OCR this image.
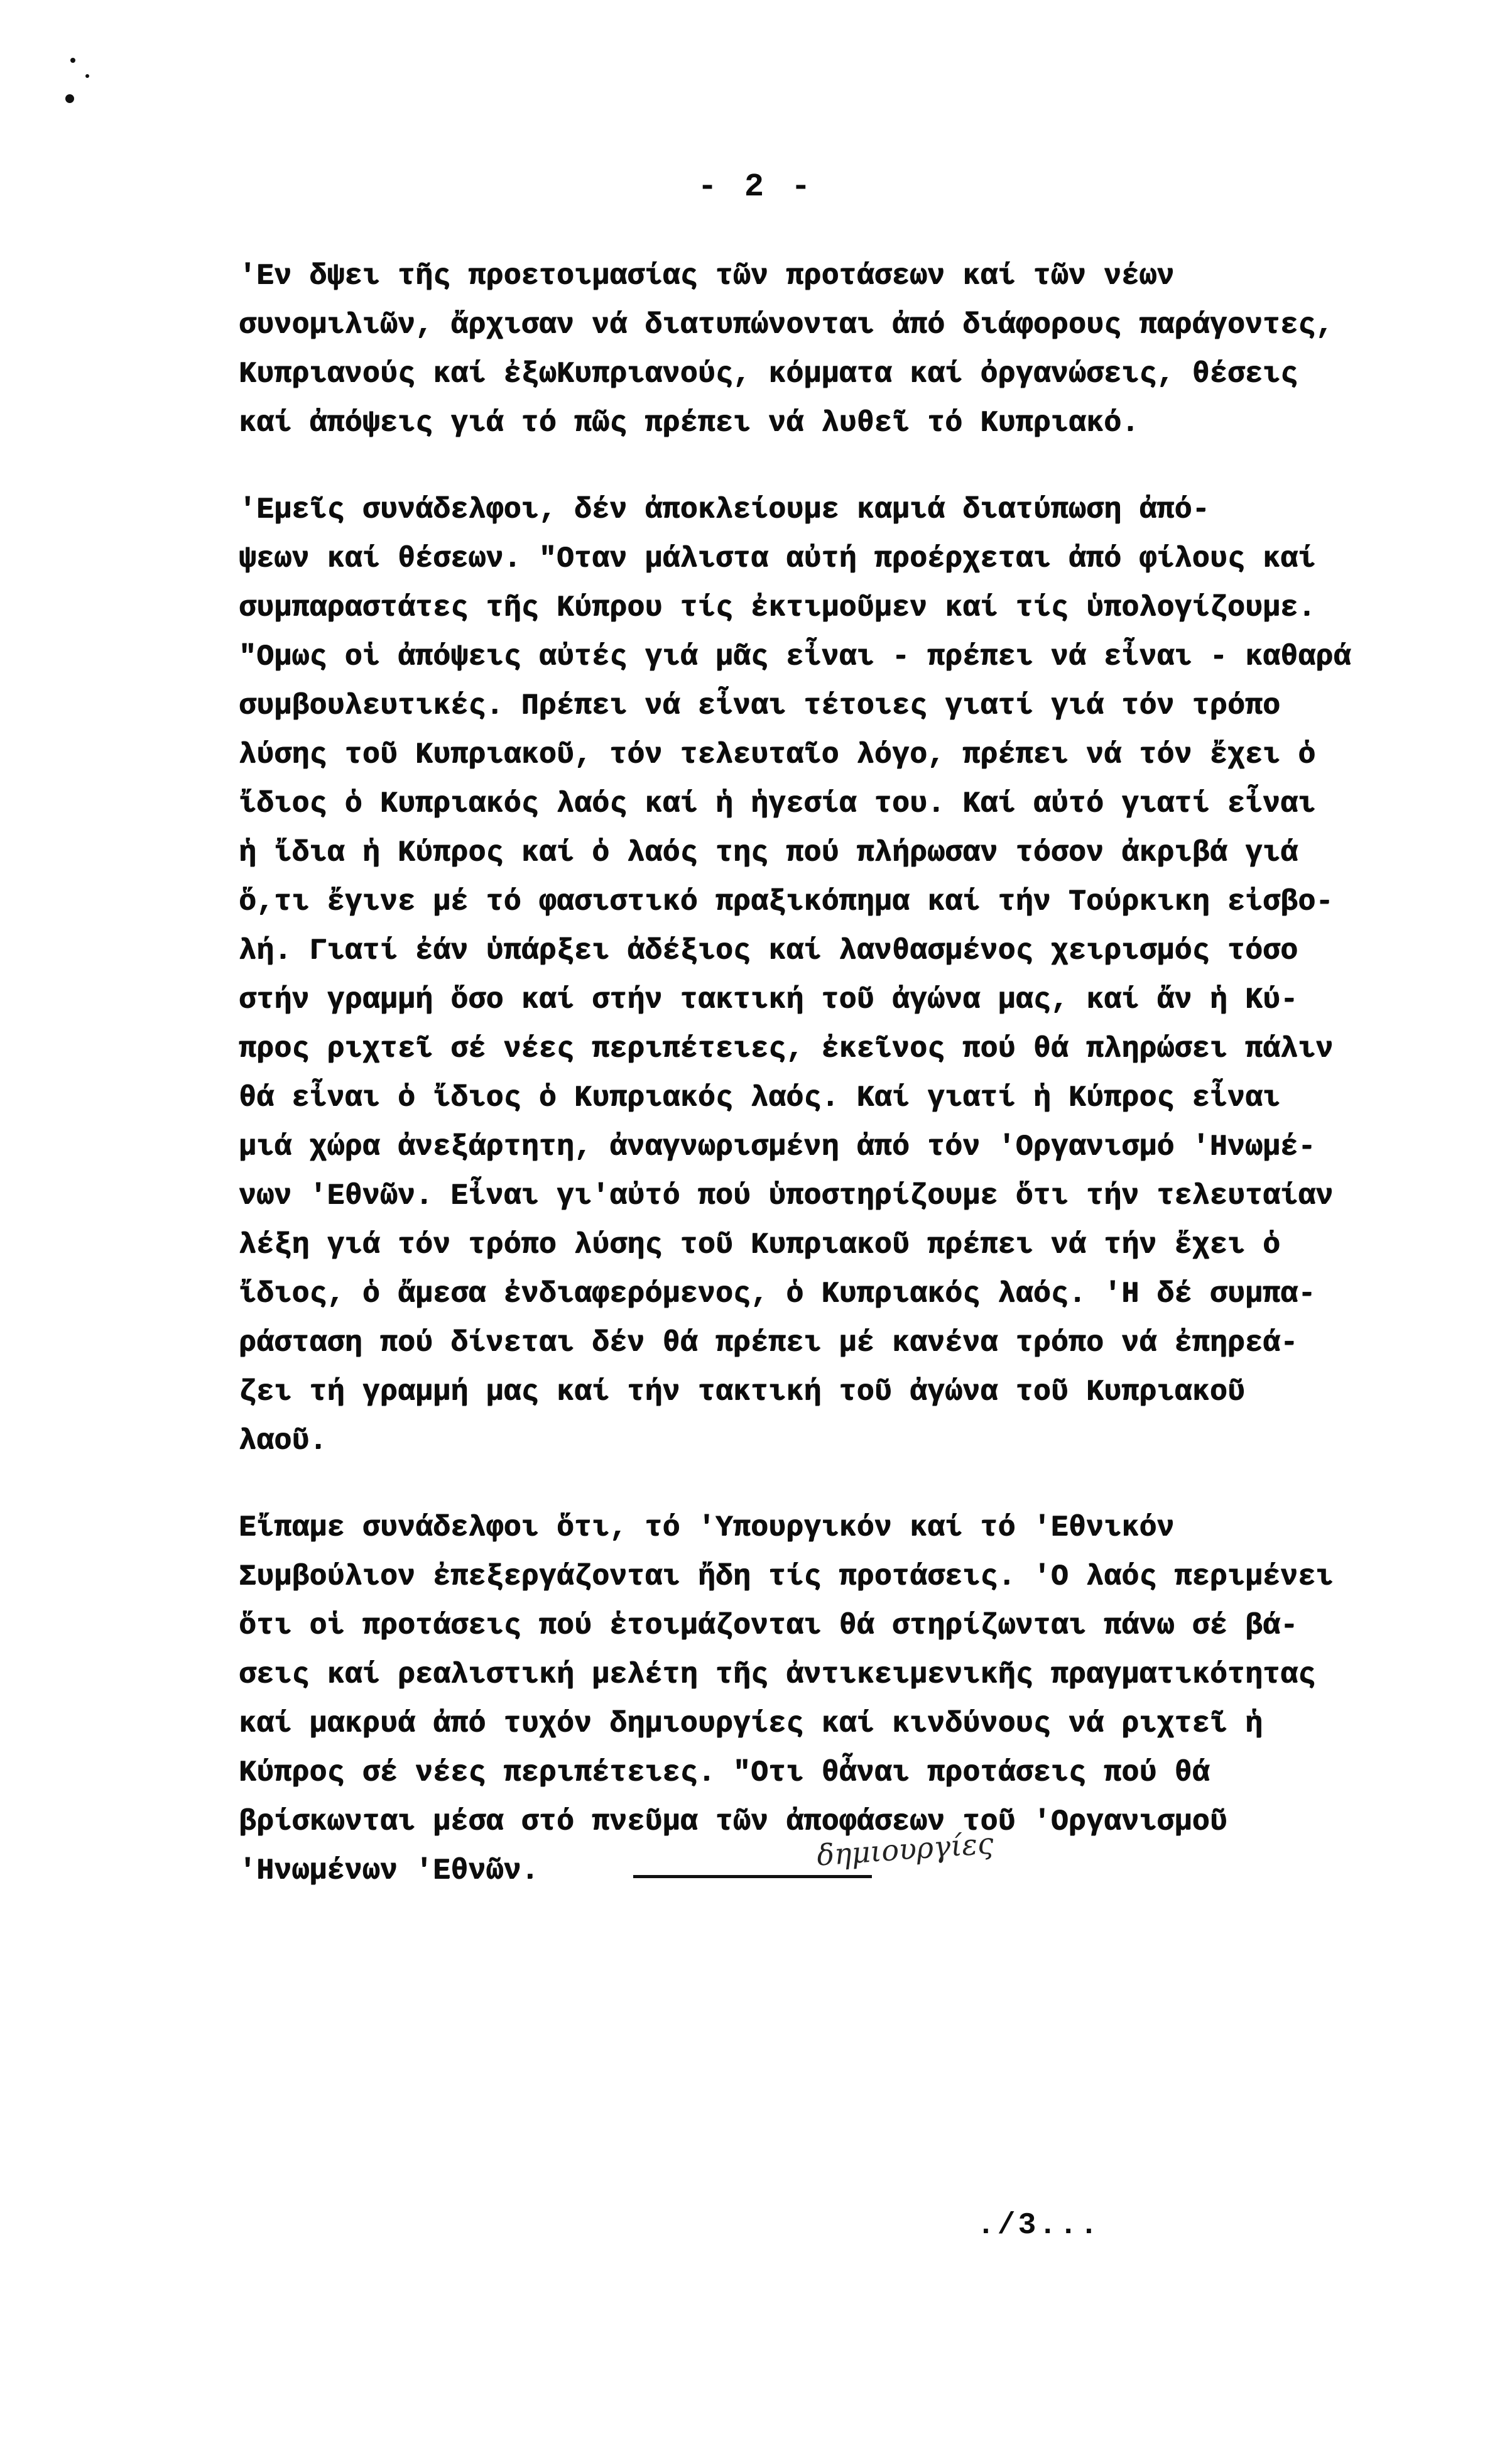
- 2 -
'Εν δψει τῆς προετοιμασίας τῶν προτάσεων καί τῶν νέων
συνομιλιῶν, ἄρχισαν νά διατυπώνονται ἀπό διάφορους παράγοντες,
Κυπριανούς καί ἐξωΚυπριανούς, κόμματα καί ὀργανώσεις, θέσεις
καί ἀπόψεις γιά τό πῶς πρέπει νά λυθεῖ τό Κυπριακό.
'Εμεῖς συνάδελφοι, δέν ἀποκλείουμε καμιά διατύπωση ἀπό-
ψεων καί θέσεων. "Οταν μάλιστα αὐτή προέρχεται ἀπό φίλους καί
συμπαραστάτες τῆς Κύπρου τίς ἐκτιμοῦμεν καί τίς ὑπολογίζουμε.
"Ομως οἱ ἀπόψεις αὐτές γιά μᾶς εἶναι - πρέπει νά εἶναι - καθαρά
συμβουλευτικές. Πρέπει νά εἶναι τέτοιες γιατί γιά τόν τρόπο
λύσης τοῦ Κυπριακοῦ, τόν τελευταῖο λόγο, πρέπει νά τόν ἔχει ὁ
ἴδιος ὁ Κυπριακός λαός καί ἡ ἡγεσία του. Καί αὐτό γιατί εἶναι
ἡ ἴδια ἡ Κύπρος καί ὁ λαός της πού πλήρωσαν τόσον ἀκριβά γιά
ὅ,τι ἔγινε μέ τό φασιστικό πραξικόπημα καί τήν Τούρκικη εἰσβο-
λή. Γιατί ἐάν ὑπάρξει ἀδέξιος καί λανθασμένος χειρισμός τόσο
στήν γραμμή ὅσο καί στήν τακτική τοῦ ἀγώνα μας, καί ἄν ἡ Κύ-
προς ριχτεῖ σέ νέες περιπέτειες, ἐκεῖνος πού θά πληρώσει πάλιν
θά εἶναι ὁ ἴδιος ὁ Κυπριακός λαός. Καί γιατί ἡ Κύπρος εἶναι
μιά χώρα ἀνεξάρτητη, ἀναγνωρισμένη ἀπό τόν 'Οργανισμό 'Ηνωμέ-
νων 'Εθνῶν. Εἶναι γι'αὐτό πού ὑποστηρίζουμε ὅτι τήν τελευταίαν
λέξη γιά τόν τρόπο λύσης τοῦ Κυπριακοῦ πρέπει νά τήν ἔχει ὁ
ἴδιος, ὁ ἄμεσα ἐνδιαφερόμενος, ὁ Κυπριακός λαός. 'Η δέ συμπα-
ράσταση πού δίνεται δέν θά πρέπει μέ κανένα τρόπο νά ἐπηρεά-
ζει τή γραμμή μας καί τήν τακτική τοῦ ἀγώνα τοῦ Κυπριακοῦ
λαοῦ.
Εἴπαμε συνάδελφοι ὅτι, τό 'Υπουργικόν καί τό 'Εθνικόν
Συμβούλιον ἐπεξεργάζονται ἤδη τίς προτάσεις. 'Ο λαός περιμένει
ὅτι οἱ προτάσεις πού ἑτοιμάζονται θά στηρίζωνται πάνω σέ βά-
σεις καί ρεαλιστική μελέτη τῆς ἀντικειμενικῆς πραγματικότητας
καί μακρυά ἀπό τυχόν δημιουργίες καί κινδύνους νά ριχτεῖ ἡ
Κύπρος σέ νέες περιπέτειες. "Οτι θἆναι προτάσεις πού θά
βρίσκωνται μέσα στό πνεῦμα τῶν ἀποφάσεων τοῦ 'Οργανισμοῦ
'Ηνωμένων 'Εθνῶν.	δημιουργίες
./3...
